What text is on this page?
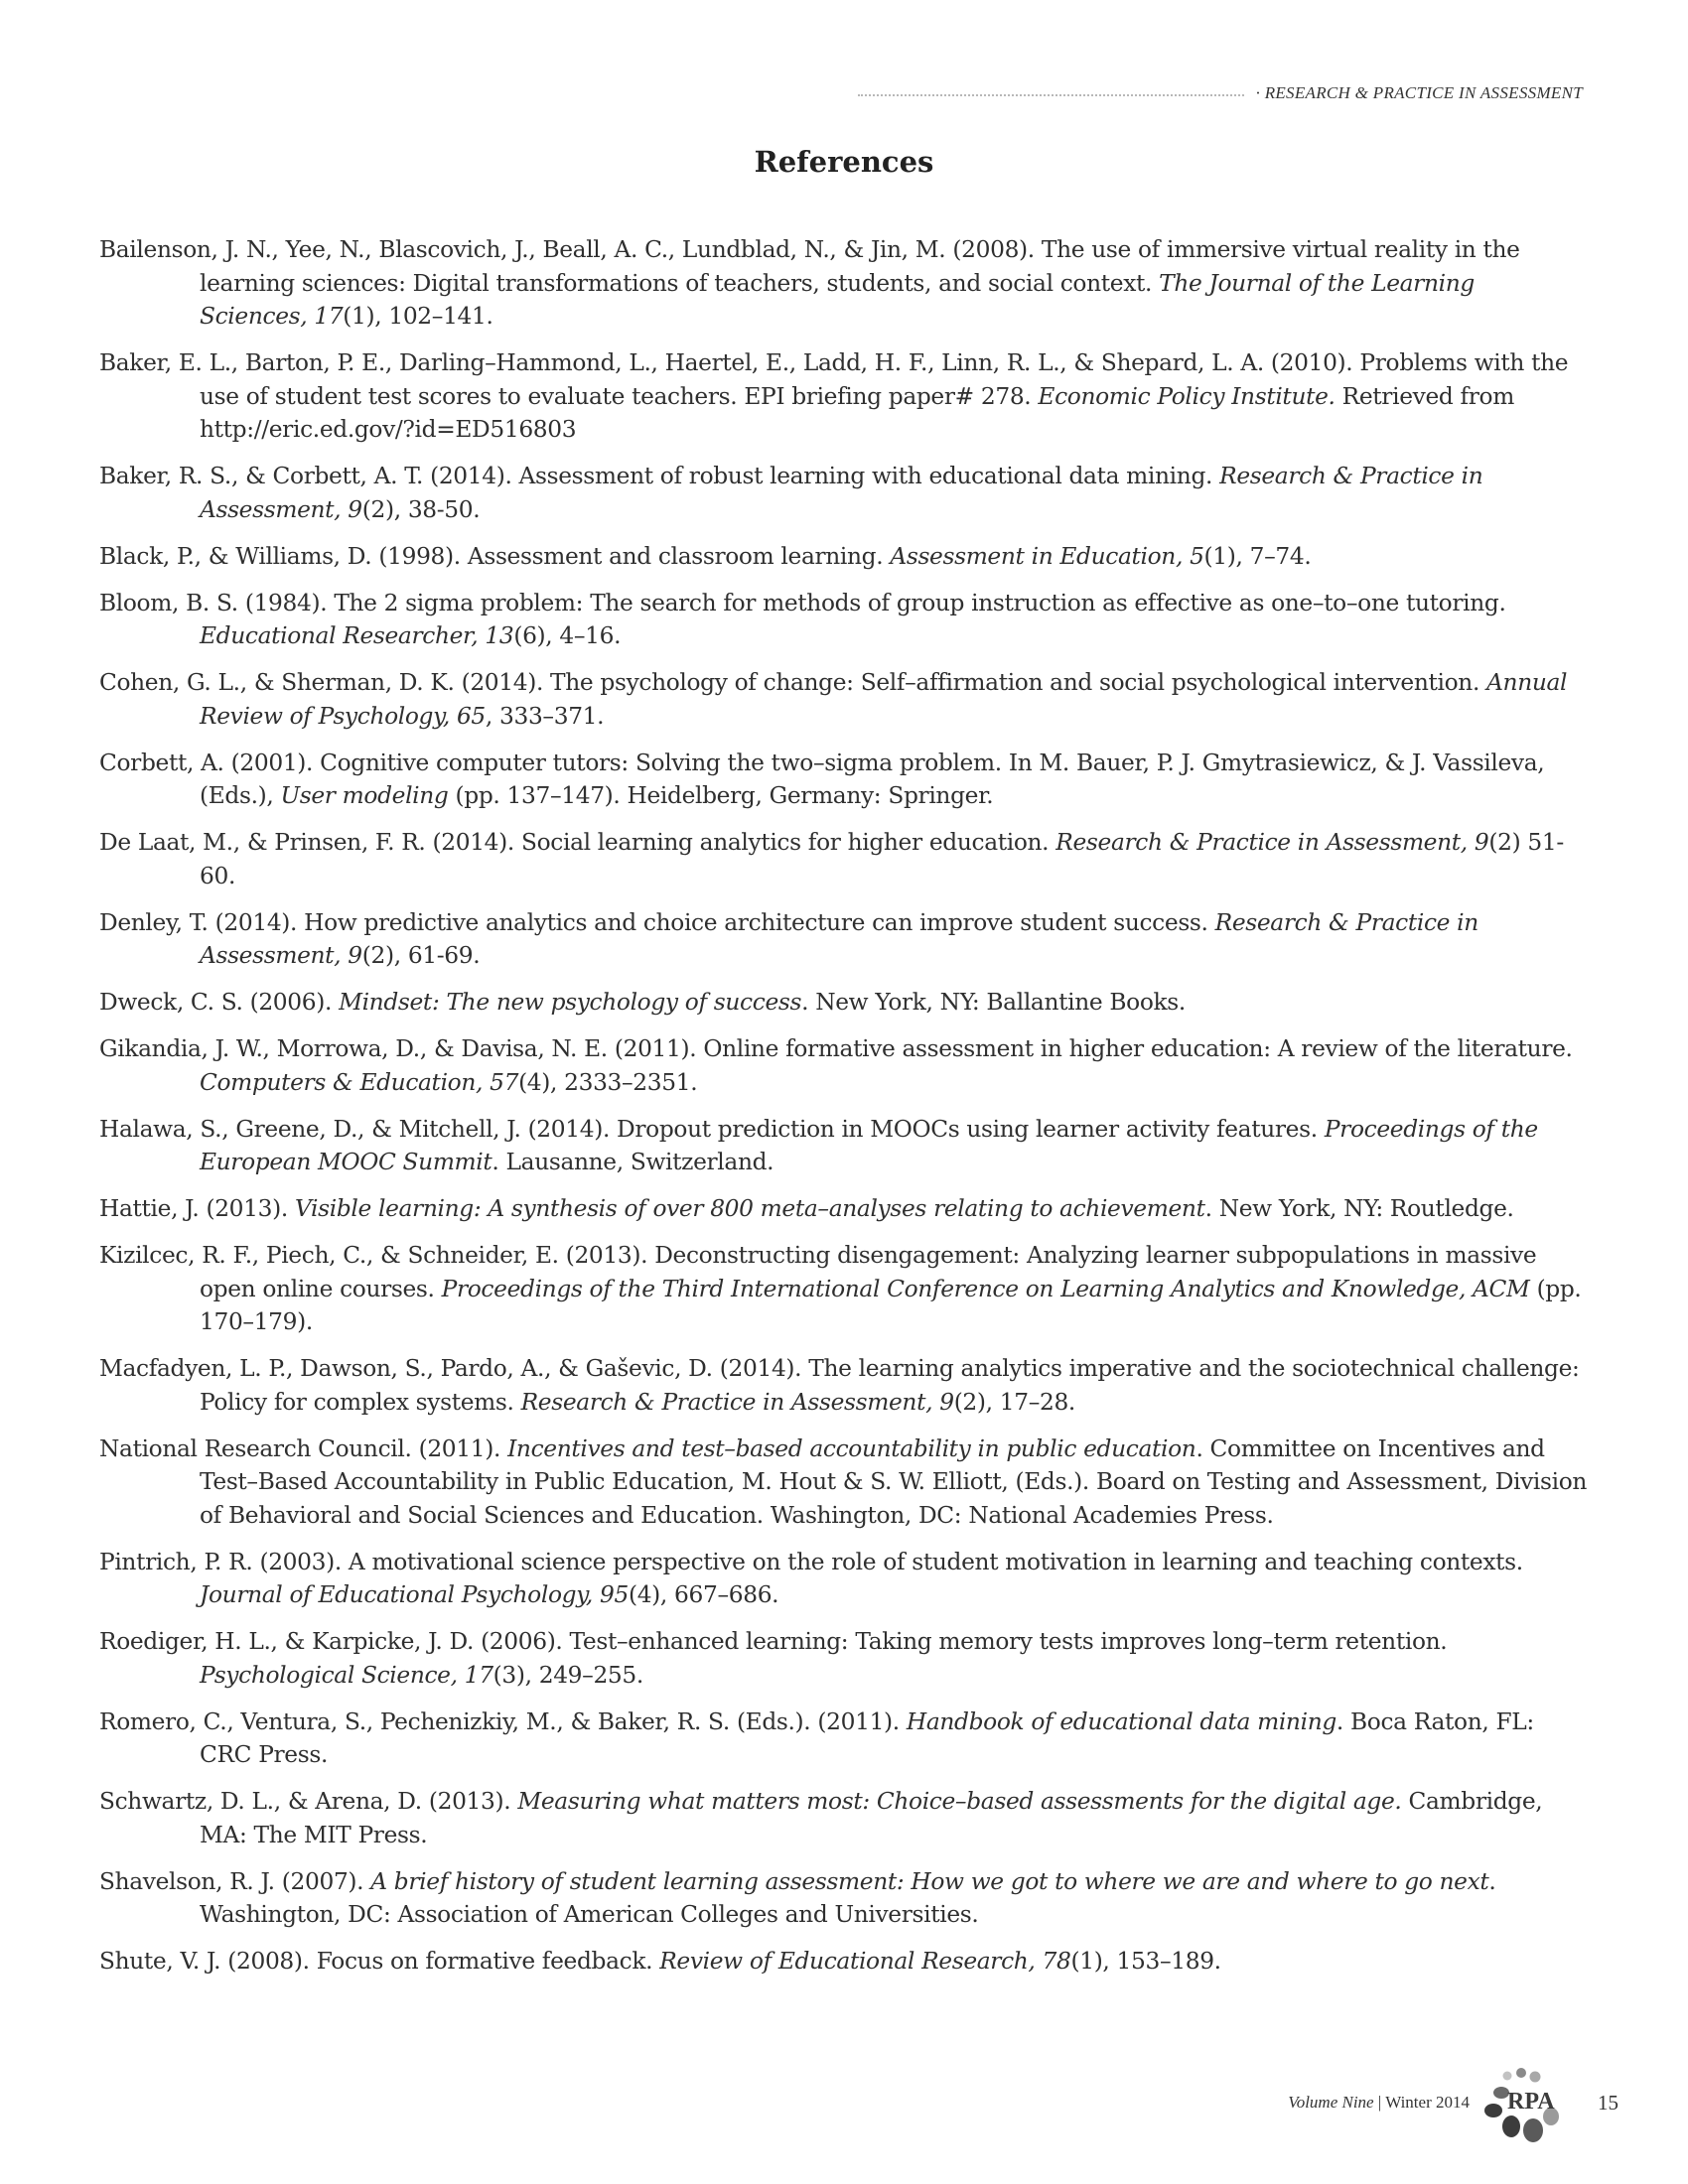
· RESEARCH & PRACTICE IN ASSESSMENT
References
Bailenson, J. N., Yee, N., Blascovich, J., Beall, A. C., Lundblad, N., & Jin, M. (2008). The use of immersive virtual reality in the learning sciences: Digital transformations of teachers, students, and social context. The Journal of the Learning Sciences, 17(1), 102–141.
Baker, E. L., Barton, P. E., Darling–Hammond, L., Haertel, E., Ladd, H. F., Linn, R. L., & Shepard, L. A. (2010). Problems with the use of student test scores to evaluate teachers. EPI briefing paper# 278. Economic Policy Institute. Retrieved from http://eric.ed.gov/?id=ED516803
Baker, R. S., & Corbett, A. T. (2014). Assessment of robust learning with educational data mining. Research & Practice in Assessment, 9(2), 38-50.
Black, P., & Williams, D. (1998). Assessment and classroom learning. Assessment in Education, 5(1), 7–74.
Bloom, B. S. (1984). The 2 sigma problem: The search for methods of group instruction as effective as one–to–one tutoring. Educational Researcher, 13(6), 4–16.
Cohen, G. L., & Sherman, D. K. (2014). The psychology of change: Self–affirmation and social psychological intervention. Annual Review of Psychology, 65, 333–371.
Corbett, A. (2001). Cognitive computer tutors: Solving the two–sigma problem. In M. Bauer, P. J. Gmytrasiewicz, & J. Vassileva, (Eds.), User modeling (pp. 137–147). Heidelberg, Germany: Springer.
De Laat, M., & Prinsen, F. R. (2014). Social learning analytics for higher education. Research & Practice in Assessment, 9(2) 51-60.
Denley, T. (2014). How predictive analytics and choice architecture can improve student success. Research & Practice in Assessment, 9(2), 61-69.
Dweck, C. S. (2006). Mindset: The new psychology of success. New York, NY: Ballantine Books.
Gikandia, J. W., Morrowa, D., & Davisa, N. E. (2011). Online formative assessment in higher education: A review of the literature. Computers & Education, 57(4), 2333–2351.
Halawa, S., Greene, D., & Mitchell, J. (2014). Dropout prediction in MOOCs using learner activity features. Proceedings of the European MOOC Summit. Lausanne, Switzerland.
Hattie, J. (2013). Visible learning: A synthesis of over 800 meta–analyses relating to achievement. New York, NY: Routledge.
Kizilcec, R. F., Piech, C., & Schneider, E. (2013). Deconstructing disengagement: Analyzing learner subpopulations in massive open online courses. Proceedings of the Third International Conference on Learning Analytics and Knowledge, ACM (pp. 170–179).
Macfadyen, L. P., Dawson, S., Pardo, A., & Gaševic, D. (2014). The learning analytics imperative and the sociotechnical challenge: Policy for complex systems. Research & Practice in Assessment, 9(2), 17–28.
National Research Council. (2011). Incentives and test–based accountability in public education. Committee on Incentives and Test–Based Accountability in Public Education, M. Hout & S. W. Elliott, (Eds.). Board on Testing and Assessment, Division of Behavioral and Social Sciences and Education. Washington, DC: National Academies Press.
Pintrich, P. R. (2003). A motivational science perspective on the role of student motivation in learning and teaching contexts. Journal of Educational Psychology, 95(4), 667–686.
Roediger, H. L., & Karpicke, J. D. (2006). Test–enhanced learning: Taking memory tests improves long–term retention. Psychological Science, 17(3), 249–255.
Romero, C., Ventura, S., Pechenizkiy, M., & Baker, R. S. (Eds.). (2011). Handbook of educational data mining. Boca Raton, FL: CRC Press.
Schwartz, D. L., & Arena, D. (2013). Measuring what matters most: Choice–based assessments for the digital age. Cambridge, MA: The MIT Press.
Shavelson, R. J. (2007). A brief history of student learning assessment: How we got to where we are and where to go next. Washington, DC: Association of American Colleges and Universities.
Shute, V. J. (2008). Focus on formative feedback. Review of Educational Research, 78(1), 153–189.
Volume Nine | Winter 2014 RPA 15
